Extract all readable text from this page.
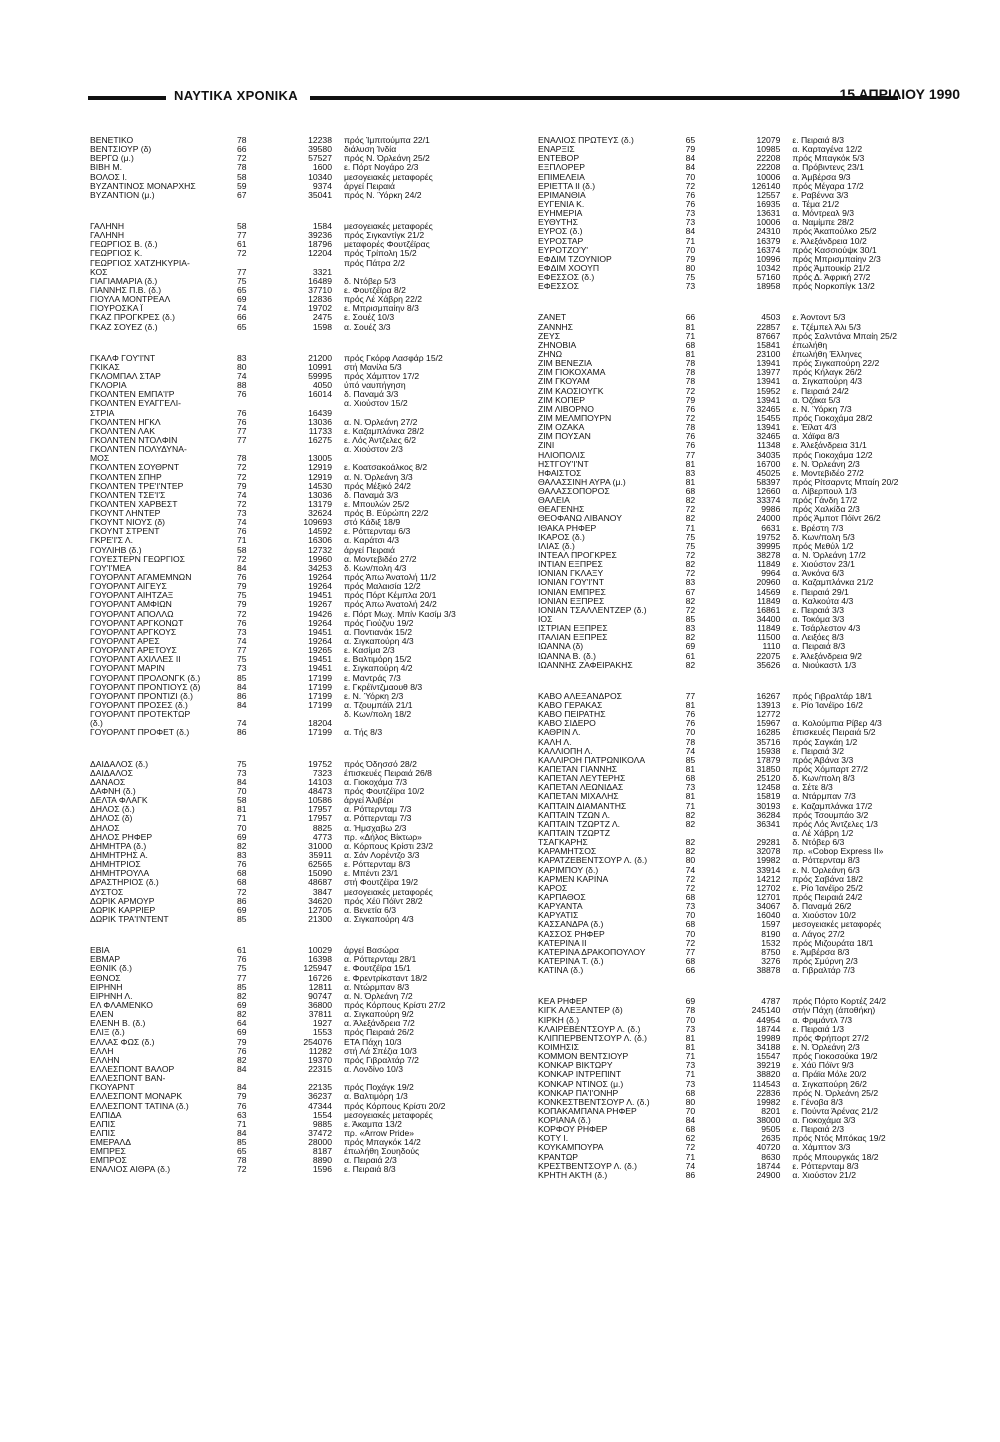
ΝΑΥΤΙΚΑ ΧΡΟΝΙΚΑ	15 ΑΠΡΙΛΙΟΥ 1990
ΒΕΝΕΤΙΚΟ	78	12238	πρός Ίμπιτούμπα 22/1
ΒΕΝΤΣΙΟΥΡ (δ)	66	39580	διάλυση Ίνδία
ΒΕΡΓΩ (μ.)	72	57527	πρός Ν. Όρλεάνη 25/2
ΒΙΒΗ Μ.	78	1600	ε. Πόρτ Νογάρο 2/3
ΒΟΛΟΣ Ι.	58	10340	μεσογειακές μεταφορές
ΒΥΖΑΝΤΙΝΟΣ ΜΟΝΑΡΧΗΣ	59	9374	άργεί Πειραιά
ΒΥΖΑΝΤΙΟΝ (μ.)	67	35041	πρός Ν. Ύόρκη 24/2
ΓΑΛΗΝΗ	58	1584	μεσογειακές μεταφορές
ΓΑΛΗΝΗ	77	39236	πρός Σιγκαντίγκ 21/2
ΓΕΩΡΓΙΟΣ Β. (δ.)	61	18796	μεταφορές Φουτζέϊρας
ΓΕΩΡΓΙΟΣ Κ.	72	12204	πρός Τρίπολη 15/2
ΓΕΩΡΓΙΟΣ ΧΑΤΖΗΚΥΡΙΑ-	πρός Πάτρα 2/2
ΚΟΣ	77	3321
ΓΙΑΓΙΑΜΑΡΙΑ (δ.)	75	16489	δ. Ντόβερ 5/3
ΓΙΑΝΝΗΣ Π.Β. (δ.)	65	37710	ε. Φουτζέϊρα 8/2
ΓΙΟΥΛΑ ΜΟΝΤΡΕΑΛ	69	12836	πρός Λέ Χάβρη 22/2
ΓΙΟΥΡΟΣΚΑ Ϊ	74	19702	ε. Μπρισμπαίην 8/3
ΓΚΑΖ ΠΡΟΓΚΡΕΣ (δ.)	66	2475	ε. Σουέζ 10/3
ΓΚΑΖ ΣΟΥΕΖ (δ.)	65	1598	α. Σουέζ 3/3
ΓΚΑΛΦ ΓΟΥ'Ι'ΝΤ	83	21200	πρός Γκόρφ Λασφάρ 15/2
ΓΚΙΚΑΣ	80	10991	στή Μανίλα 5/3
ΓΚΛΟΜΠΑΛ ΣΤΑΡ	74	59995	πρός Χάμπτον 17/2
ΓΚΛΟΡΙΑ	88	4050	ύπό ναυπήγηση
ΓΚΟΛΝΤΕΝ ΕΜΠΑ'Ι'Ρ	76	16014	δ. Παναμά 3/3
ΓΚΟΛΝΤΕΝ ΕΥΑΓΓΕΛΙ-	α. Χιούστον 15/2
ΣΤΡΙΑ	76	16439
ΓΚΟΛΝΤΕΝ ΗΓΚΛ	76	13036	α. Ν. Όρλεάνη 27/2
ΓΚΟΛΝΤΕΝ ΛΑΚ	77	11733	ε. Καζαμπλάνκα 28/2
ΓΚΟΛΝΤΕΝ ΝΤΟΛΦΙΝ	77	16275	ε. Λός Άντζελες 6/2
ΓΚΟΛΝΤΕΝ ΠΟΛΥΔΥΝΑ-	α. Χιούστον 2/3
ΜΟΣ	78	13005
ΓΚΟΛΝΤΕΝ ΣΟΥΘΡΝΤ	72	12919	ε. Κοατσακοάλκος 8/2
ΓΚΟΛΝΤΕΝ ΣΠΗΡ	72	12919	α. Ν. Όρλεάνη 3/3
ΓΚΟΛΝΤΕΝ ΤΡΕ'Ι'ΝΤΕΡ	79	14530	πρός Μέξικό 24/2
ΓΚΟΛΝΤΕΝ ΤΣΕ'Ι'Σ	74	13036	δ. Παναμά 3/3
ΓΚΟΛΝΤΕΝ ΧΑΡΒΕΣΤ	72	13179	ε. Μπουλών 25/2
ΓΚΟΥΝΤ ΛΗΝΤΕΡ	73	32624	πρός Β. Εύρώπη 22/2
ΓΚΟΥΝΤ ΝΙΟΥΣ (δ)	74	109693	στό Κάδιξ 18/9
ΓΚΟΥΝΤ ΣΤΡΕΝΤ	76	14592	ε. Ρόττερνταμ 6/3
ΓΚΡΕ'Ι'Σ Λ.	71	16306	α. Καράτσι 4/3
ΓΟΥΛΙΗΒ (δ.)	58	12732	άργεί Πειραιά
ΓΟΥΕΣΤΕΡΝ ΓΕΩΡΓΙΟΣ	72	19960	α. Μοντεβιδέο 27/2
ΓΟΥ'Ι'ΜΕΑ	84	34253	δ. Κων/πολη 4/3
ΓΟΥΟΡΛΝΤ ΑΓΑΜΕΜΝΩΝ	76	19264	πρός Άπω Άνατολή 11/2
ΓΟΥΟΡΛΝΤ ΑΙΓΕΥΣ	79	19264	πρός Μαλαισία 12/2
ΓΟΥΟΡΛΝΤ ΑΙΗΤΖΑΞ	75	19451	πρός Πόρτ Κέμπλα 20/1
ΓΟΥΟΡΛΝΤ ΑΜΦΙΩΝ	79	19267	πρός Άπω Άνατολή 24/2
ΓΟΥΟΡΛΝΤ ΑΠΟΛΛΩ	72	19426	ε. Πόρτ Μωχ. Μπίν Κασίμ 3/3
ΓΟΥΟΡΛΝΤ ΑΡΓΚΟΝΩΤ	76	19264	πρός Γιούζνυ 19/2
ΓΟΥΟΡΛΝΤ ΑΡΓΚΟΥΣ	73	19451	α. Ποντιανάκ 15/2
ΓΟΥΟΡΛΝΤ ΑΡΕΣ	74	19264	α. Σιγκαπούρη 4/3
ΓΟΥΟΡΛΝΤ ΑΡΕΤΟΥΣ	77	19265	ε. Κασίμα 2/3
ΓΟΥΟΡΛΝΤ ΑΧΙΛΛΕΣ ΙΙ	75	19451	ε. Βαλτιμόρη 15/2
ΓΟΥΟΡΛΝΤ ΜΑΡΙΝ	73	19451	ε. Σιγκαπούρη 4/2
ΓΟΥΟΡΛΝΤ ΠΡΟΛΟΝΓΚ (δ.)	85	17199	ε. Μαντράς 7/3
ΓΟΥΟΡΛΝΤ ΠΡΟΝΤΙΟΥΣ (δ)	84	17199	ε. Γκρέϊντζμαουθ 8/3
ΓΟΥΟΡΛΝΤ ΠΡΟΝΤΙΖΙ (δ.)	86	17199	ε. Ν. Ύόρκη 2/3
ΓΟΥΟΡΛΝΤ ΠΡΟΣΕΣ (δ.)	84	17199	α. Τζουμπάϊλ 21/1
ΓΟΥΟΡΛΝΤ ΠΡΟΤΕΚΤΩΡ	δ. Κων/πολη 18/2
(δ.)	74	18204
ΓΟΥΟΡΛΝΤ ΠΡΟΦΕΤ (δ.)	86	17199	α. Τής 8/3
ΔΑΙΔΑΛΟΣ (δ.)	75	19752	πρός Όδησσό 28/2
ΔΑΙΔΑΛΟΣ	73	7323	έπισκευές Πειραιά 26/8
ΔΑΝΑΟΣ	84	14103	α. Γιοκοχάμα 7/3
ΔΑΦΝΗ (δ.)	70	48473	πρός Φουτζέϊρα 10/2
ΔΕΛΤΑ ΦΛΑΓΚ	58	10586	άργεί Άλιβέρι
ΔΗΛΟΣ (δ.)	81	17957	α. Ρόττερνταμ 7/3
ΔΗΛΟΣ (δ)	71	17957	α. Ρόττερνταμ 7/3
ΔΗΛΟΣ	70	8825	α. Ήμσχαβω 2/3
ΔΗΛΟΣ ΡΗΦΕΡ	69	4773	πρ. «Δήλος Βίκτωρ»
ΔΗΜΗΤΡΑ (δ.)	82	31000	α. Κόρπους Κρίστι 23/2
ΔΗΜΗΤΡΗΣ Α.	83	35911	α. Σάν Λορέντζο 3/3
ΔΗΜΗΤΡΙΟΣ	76	62565	ε. Ρόττερνταμ 8/3
ΔΗΜΗΤΡΟΥΛΑ	68	15090	ε. Μπέντι 23/1
ΔΡΑΣΤΗΡΙΟΣ (δ.)	68	48687	στή Φουτζέϊρα 19/2
ΔΥΣΤΟΣ	72	3847	μεσογειακές μεταφορές
ΔΩΡΙΚ ΑΡΜΟΥΡ	86	34620	πρός Χέϋ Πόϊντ 28/2
ΔΩΡΙΚ ΚΑΡΡΙΕΡ	69	12705	α. Βενετία 6/3
ΔΩΡΙΚ ΤΡΑ'Ι'ΝΤΕΝΤ	85	21300	α. Σιγκαπούρη 4/3
ΕΒΙΑ	61	10029	άργεί Βασώρα
ΕΒΜΑΡ	76	16398	α. Ρόττερνταμ 28/1
ΕΘΝΙΚ (δ.)	75	125947	ε. Φουτζέϊρα 15/1
ΕΘΝΟΣ	77	16726	ε. Φρεντρίκσταντ 18/2
ΕΙΡΗΝΗ	85	12811	α. Ντώρμπαν 8/3
ΕΙΡΗΝΗ Λ.	82	90747	α. Ν. Όρλεάνη 7/2
ΕΛ ΦΛΑΜΕΝΚΟ	69	36800	πρός Κόρπους Κρίστι 27/2
ΕΛΕΝ	82	37811	α. Σιγκαπούρη 9/2
ΕΛΕΝΗ Β. (δ.)	64	1927	α. Άλεξάνδρεια 7/2
ΕΛΙΞ (δ.)	69	1553	πρός Πειραιά 26/2
ΕΛΛΑΣ ΦΩΣ (δ.)	79	254076	ΕΤΑ Πάχη 10/3
ΕΛΛΗ	76	11282	στή Λά Σπέζια 10/3
ΕΛΛΗΝ	82	19370	πρός Γιβραλτάρ 7/2
ΕΛΛΕΣΠΟΝΤ ΒΑΛΟΡ	84	22315	α. Λονδίνο 10/3
ΕΛΛΕΣΠΟΝΤ ΒΑΝ-
ΓΚΟΥΑΡΝΤ	84	22135	πρός Ποχάγκ 19/2
ΕΛΛΕΣΠΟΝΤ ΜΟΝΑΡΚ	79	36237	α. Βαλτιμόρη 1/3
ΕΛΛΕΣΠΟΝΤ ΤΑΤΙΝΑ (δ.)	76	47344	πρός Κόρπους Κρίστι 20/2
ΕΛΠΙΔΑ	63	1554	μεσογειακές μεταφορές
ΕΛΠΙΣ	71	9885	ε. Άκαμπα 13/2
ΕΛΠΙΣ	84	37472	πρ. «Arrow Pride»
ΕΜΕΡΑΛΔ	85	28000	πρός Μπαγκόκ 14/2
ΕΜΠΡΕΣ	65	8187	έπωλήθη Σουηδούς
ΕΜΠΡΟΣ	78	8890	α. Πειραιά 2/3
ΕΝΑΛΙΟΣ ΑΙΘΡΑ (δ.)	72	1596	ε. Πειραιά 8/3
ΕΝΑΛΙΟΣ ΠΡΩΤΕΥΣ (δ.)	65	12079	ε. Πειραιά 8/3
ΕΝΑΡΞΙΣ	79	10985	α. Καρταγένα 12/2
ΕΝΤΕΒΟΡ	84	22208	πρός Μπαγκόκ 5/3
ΕΞΠΛΟΡΕΡ	84	22208	α. Πρόβιντενς 23/1
ΕΠΙΜΕΛΕΙΑ	70	10006	α. Άμβέρσα 9/3
ΕΡΙΕΤΤΑ ΙΙ (δ.)	72	126140	πρός Μέγαρα 17/2
ΕΡΙΜΑΝΘΙΑ	76	12557	ε. Ραβέννα 3/3
ΕΥΓΕΝΙΑ Κ.	76	16935	α. Τέμα 21/2
ΕΥΗΜΕΡΙΑ	73	13631	α. Μόντρεαλ 9/3
ΕΥΘΥΤΗΣ	73	10006	α. Ναμίμπε 28/2
ΕΥΡΟΣ (δ.)	84	24310	πρός Άκαπούλκο 25/2
ΕΥΡΟΣΤΑΡ	71	16379	ε. Άλεξάνδρεια 10/2
ΕΥΡΟΤΖΟ'Υ'	70	16374	πρός Κασσιούψκ 30/1
ΕΦΔΙΜ ΤΖΟΥΝΙΟΡ	79	10996	πρός Μπρισμπαίην 2/3
ΕΦΔΙΜ ΧΟΟΥΠ	80	10342	πρός Άμπουκίρ 21/2
ΕΦΕΣΣΟΣ (δ.)	75	57160	πρός Δ. Άφρική 27/2
ΕΦΕΣΣΟΣ	73	18958	πρός Νορκοπίγκ 13/2
ΖΑΝΕΤ	66	4503	ε. Άοντοντ 5/3
ΖΑΝΝΗΣ	81	22857	ε. Τζέμπελ Άλι 5/3
ΖΕΥΣ	71	87667	πρός Σαλντάνα Μπαίη 25/2
ΖΗΝΟΒΙΑ	68	15841	έπωλήθη
ΖΗΝΩ	81	23100	έπωλήθη Έλληνες
ΖΙΜ ΒΕΝΕΖΙΑ	78	13941	πρός Σιγκαπούρη 22/2
ΖΙΜ ΓΙΟΚΟΧΑΜΑ	78	13977	πρός Κήλαγκ 26/2
ΖΙΜ ΓΚΟΥΑΜ	78	13941	α. Σιγκαπούρη 4/3
ΖΙΜ ΚΑΟΣΙΟΥΓΚ	72	15952	ε. Πειραιά 24/2
ΖΙΜ ΚΟΠΕΡ	79	13941	α. Όζάκα 5/3
ΖΙΜ ΛΙΒΟΡΝΟ	76	32465	ε. Ν. Ύόρκη 7/3
ΖΙΜ ΜΕΛΜΠΟΥΡΝ	72	15455	πρός Γιοκοχάμα 28/2
ΖΙΜ ΟΖΑΚΑ	78	13941	ε. Έϊλατ 4/3
ΖΙΜ ΠΟΥΣΑΝ	76	32465	α. Χάϊφα 8/3
ΖΙΝΙ	76	11348	ε. Άλεξάνδρεια 31/1
ΗΛΙΟΠΟΛΙΣ	77	34035	πρός Γιοκοχάμα 12/2
ΗΣΤΓΟΥ'Ι'ΝΤ	81	16700	ε. Ν. Όρλεάνη 2/3
ΗΦΑΙΣΤΟΣ	83	45025	ε. Μοντεβιδέο 27/2
ΘΑΛΑΣΣΙΝΗ ΑΥΡΑ (μ.)	81	58397	πρός Ρίτσαρντς Μπαίη 20/2
ΘΑΛΑΣΣΟΠΟΡΟΣ	68	12660	α. Λίβερπουλ 1/3
ΘΑΛΕΙΑ	82	33374	πρός Γάνδη 17/2
ΘΕΑΓΕΝΗΣ	72	9986	πρός Χαλκίδα 2/3
ΘΕΟΦΑΝΩ ΛΙΒΑΝΟΥ	82	24000	πρός Άμποτ Πόϊντ 26/2
ΙΘΑΚΑ ΡΗΦΕΡ	71	6631	ε. Βρέστη 7/3
ΙΚΑΡΟΣ (δ.)	75	19752	δ. Κων/πολη 5/3
ΙΛΙΑΣ (δ.)	75	39995	πρός Μεθύλ 1/2
ΙΝΤΕΑΛ ΠΡΟΓΚΡΕΣ	72	38278	α. Ν. Όρλεάνη 17/2
ΙΝΤΙΑΝ ΕΞΠΡΕΣ	82	11849	ε. Χιούστον 23/1
ΙΟΝΙΑΝ ΓΚΛΑΞΥ	72	9964	α. Άνκόνα 6/3
ΙΟΝΙΑΝ ΓΟΥ'Ι'ΝΤ	83	20960	α. Καζαμπλάνκα 21/2
ΙΟΝΙΑΝ ΕΜΠΡΕΣ	67	14569	ε. Πειραιά 29/1
ΙΟΝΙΑΝ ΕΞΠΡΕΣ	82	11849	α. Καλκούτα 4/3
ΙΟΝΙΑΝ ΤΣΑΛΛΕΝΤΖΕΡ (δ.)	72	16861	ε. Πειραιά 3/3
ΙΟΣ	85	34400	α. Τοκόμα 3/3
ΙΣΤΡΙΑΝ ΕΞΠΡΕΣ	83	11849	ε. Τσάρλεστον 4/3
ΙΤΑΛΙΑΝ ΕΞΠΡΕΣ	82	11500	α. Λειξόες 8/3
ΙΩΑΝΝΑ (δ)	69	1110	α. Πειραιά 8/3
ΙΩΑΝΝΑ Β. (δ.)	61	22075	ε. Άλεξάνδρεια 9/2
ΙΩΑΝΝΗΣ ΖΑΦΕΙΡΑΚΗΣ	82	35626	α. Νιούκαστλ 1/3
ΚΑΒΟ ΑΛΕΞΑΝΔΡΟΣ	77	16267	πρός Γιβραλτάρ 18/1
ΚΑΒΟ ΓΕΡΑΚΑΣ	81	13913	ε. Ρίο Ίανέϊρο 16/2
ΚΑΒΟ ΠΕΙΡΑΤΗΣ	76	12772
ΚΑΒΟ ΣΙΔΕΡΟ	76	15967	α. Κολούμπια Ρίβερ 4/3
ΚΑΘΡΙΝ Λ.	70	16285	έπισκευές Πειραιά 5/2
ΚΑΛΗ Λ.	78	35716	πρός Σαγκάη 1/2
ΚΑΛΛΙΟΠΗ Λ.	74	15938	ε. Πειραιά 3/2
ΚΑΛΛΙΡΟΗ ΠΑΤΡΩΝΙΚΟΛΑ	85	17879	πρός Άβάνα 3/3
ΚΑΠΕΤΑΝ ΓΙΑΝΝΗΣ	81	31850	πρός Χόμπαρτ 27/2
ΚΑΠΕΤΑΝ ΛΕΥΤΕΡΗΣ	68	25120	δ. Κων/πολη 8/3
ΚΑΠΕΤΑΝ ΛΕΩΝΙΔΑΣ	73	12458	α. Σέτε 8/3
ΚΑΠΕΤΑΝ ΜΙΧΑΛΗΣ	81	15819	α. Ντάρμπαν 7/3
ΚΑΠΤΑΙΝ ΔΙΑΜΑΝΤΗΣ	71	30193	ε. Καζαμπλάνκα 17/2
ΚΑΠΤΑΙΝ ΤΖΩΝ Λ.	82	36284	πρός Τσουμπάο 3/2
ΚΑΠΤΑΙΝ ΤΖΩΡΤΖ Λ.	82	36341	πρός Λός Άντζελες 1/3
ΚΑΠΤΑΙΝ ΤΖΩΡΤΖ	α. Λέ Χάβρη 1/2
ΤΣΑΓΚΑΡΗΣ	82	29281	δ. Ντόβερ 6/3
ΚΑΡΑΜΗΤΣΟΣ	82	32078	πρ. «Cobop Express II»
ΚΑΡΑΤΖΕΒΕΝΤΣΟΥΡ Λ. (δ.)	80	19982	α. Ρόττερνταμ 8/3
ΚΑΡΙΜΠΟΥ (δ.)	74	33914	ε. Ν. Όρλεάνη 6/3
ΚΑΡΜΕΝ ΚΑΡΙΝΑ	72	14212	πρός Σαβάνα 18/2
ΚΑΡΟΣ	72	12702	ε. Ρίο Ίανέϊρο 25/2
ΚΑΡΠΑΘΟΣ	68	12701	πρός Πειραιά 24/2
ΚΑΡΥΑΝΤΑ	73	34067	δ. Παναμά 26/2
ΚΑΡΥΑΤΙΣ	70	16040	α. Χιούστον 10/2
ΚΑΣΣΑΝΔΡΑ (δ.)	68	1597	μεσογειακές μεταφορές
ΚΑΣΣΟΣ ΡΗΦΕΡ	70	8190	α. Λάγος 27/2
ΚΑΤΕΡΙΝΑ ΙΙ	72	1532	πρός Μιζουράτα 18/1
ΚΑΤΕΡΙΝΑ ΔΡΑΚΟΠΟΥΛΟΥ	77	8750	ε. Άμβέρσα 8/3
ΚΑΤΕΡΙΝΑ Τ. (δ.)	68	3276	πρός Σμύρνη 2/3
ΚΑΤΙΝΑ (δ.)	66	38878	α. Γιβραλτάρ 7/3
ΚΕΑ ΡΗΦΕΡ	69	4787	πρός Πόρτο Κορτέζ 24/2
ΚΙΓΚ ΑΛΕΞΑΝΤΕΡ (δ)	78	245140	στήν Πάχη (άποθήκη)
ΚΙΡΚΗ (δ.)	70	44954	α. Φριμάντλ 7/3
ΚΛΑΙΡΕΒΕΝΤΣΟΥΡ Λ. (δ.)	73	18744	ε. Πειραιά 1/3
ΚΛΙΠΠΕΡΒΕΝΤΣΟΥΡ Λ. (δ.)	81	19989	πρός Φρήπορτ 27/2
ΚΟΙΜΗΣΙΣ	81	34188	ε. Ν. Όρλεάνη 2/3
ΚΟΜΜΟΝ ΒΕΝΤΣΙΟΥΡ	71	15547	πρός Γιοκοσούκα 19/2
ΚΟΝΚΑΡ ΒΙΚΤΩΡΥ	73	39219	ε. Χάϋ Πόϊντ 9/3
ΚΟΝΚΑΡ ΙΝΤΡΕΠΙΝΤ	71	38820	α. Πράϊα Μόλε 20/2
ΚΟΝΚΑΡ ΝΤΙΝΟΣ (μ.)	73	114543	α. Σιγκαπούρη 26/2
ΚΟΝΚΑΡ ΠΑ'Ι'ΟΝΗΡ	68	22836	πρός Ν. Όρλεάνη 25/2
ΚΟΝΚΕΣΤΒΕΝΤΣΟΥΡ Λ. (δ.)	80	19982	ε. Γένοβα 8/3
ΚΟΠΑΚΑΜΠΑΝΑ ΡΗΦΕΡ	70	8201	ε. Πούντα Άρένας 21/2
ΚΟΡΙΑΝΑ (δ.)	84	38000	α. Γιοκοχάμα 3/3
ΚΟΡΦΟΥ ΡΗΦΕΡ	68	9505	ε. Πειραιά 2/3
ΚΟΤΥ Ι.	62	2635	πρός Ντός Μπόκας 19/2
ΚΟΥΚΑΜΠΟΥΡΑ	72	40720	α. Χάμπτον 3/3
ΚΡΑΝΤΩΡ	71	8630	πρός Μπουργκάς 18/2
ΚΡΕΣΤΒΕΝΤΣΟΥΡ Λ. (δ.)	74	18744	ε. Ρόττερνταμ 8/3
ΚΡΗΤΗ ΑΚΤΗ (δ.)	86	24900	α. Χιούστον 21/2
